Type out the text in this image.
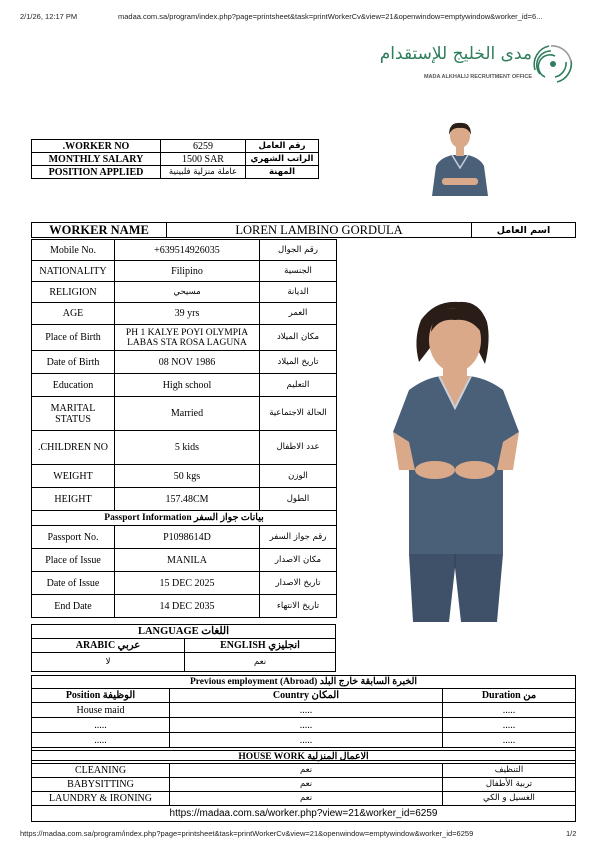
2/1/26, 12:17 PM	madaa.com.sa/program/index.php?page=printsheet&task=printWorkerCv&view=21&openwindow=emptywindow&worker_id=6...
مدى الخليج للإستقدام
MADA ALKHALIJ RECRUITMENT OFFICE
.WORKER NO	6259	رقم العامل
MONTHLY SALARY	1500 SAR	الراتب الشهري
POSITION APPLIED	عاملة منزلية فلبينية	المهنة
WORKER NAME	LOREN LAMBINO GORDULA	اسم العامل
Mobile No.	+639514926035	رقم الجوال
NATIONALITY	Filipino	الجنسية
RELIGION	مسيحي	الديانة
AGE	39 yrs	العمر
Place of Birth	PH 1 KALYE POYI OLYMPIA LABAS STA ROSA LAGUNA	مكان الميلاد
Date of Birth	08 NOV 1986	تاريخ الميلاد
Education	High school	التعليم
MARITAL STATUS	Married	الحالة الاجتماعية
.CHILDREN NO	5 kids	عدد الاطفال
WEIGHT	50 kgs	الوزن
HEIGHT	157.48CM	الطول
Passport Information بيانات جواز السفر		
Passport No.	P1098614D	رقم جواز السفر
Place of Issue	MANILA	مكان الاصدار
Date of Issue	15 DEC 2025	تاريخ الاصدار
End Date	14 DEC 2035	تاريخ الانتهاء
LANGUAGE اللغات	
ARABIC عربي	ENGLISH انجليزي
لا	نعم
Previous employment (Abroad) الخبرة السابقة خارج البلد		
Position الوظيفة	Country المكان	Duration من
House maid	.....	.....
.....	.....	.....
.....	.....	.....

HOUSE WORK الاعمال المنزلية		
CLEANING	نعم	التنظيف
BABYSITTING	نعم	تربية الأطفال
LAUNDRY & IRONING	نعم	الغسيل و الكي
https://madaa.com.sa/worker.php?view=21&worker_id=6259		
https://madaa.com.sa/program/index.php?page=printsheet&task=printWorkerCv&view=21&openwindow=emptywindow&worker_id=6259	1/2
